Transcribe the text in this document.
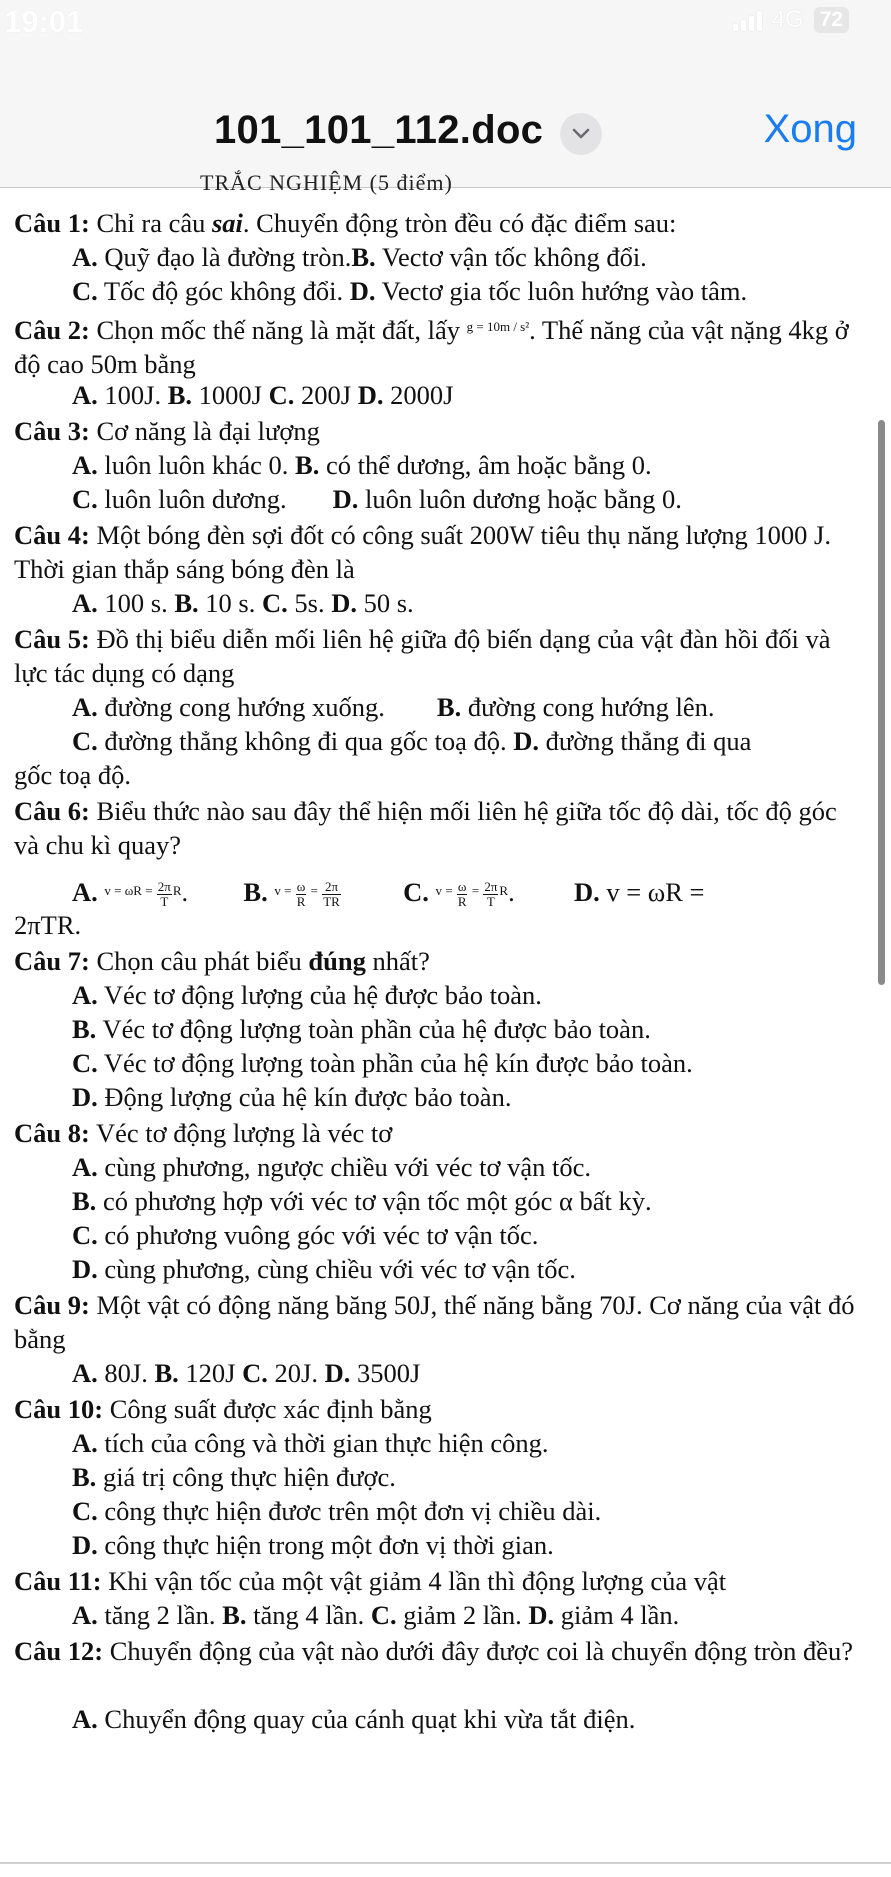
19:01	4G 72
101_101_112.doc	Xong
TRẮC NGHIỆM (5 điểm)
Câu 1: Chỉ ra câu sai. Chuyển động tròn đều có đặc điểm sau:
A. Quỹ đạo là đường tròn.B. Vectơ vận tốc không đổi.
C. Tốc độ góc không đổi. D. Vectơ gia tốc luôn hướng vào tâm.
Câu 2: Chọn mốc thế năng là mặt đất, lấy $^{g = 10m / s^2}$. Thế năng của vật nặng 4kg ở độ cao 50m bằng
A. 100J. B. 1000J C. 200J D. 2000J
Câu 3: Cơ năng là đại lượng
A. luôn luôn khác 0. B. có thể dương, âm hoặc bằng 0.
C. luôn luôn dương. D. luôn luôn dương hoặc bằng 0.
Câu 4: Một bóng đèn sợi đốt có công suất 200W tiêu thụ năng lượng 1000 J. Thời gian thắp sáng bóng đèn là
A. 100 s. B. 10 s. C. 5s. D. 50 s.
Câu 5: Đồ thị biểu diễn mối liên hệ giữa độ biến dạng của vật đàn hồi đối và lực tác dụng có dạng
A. đường cong hướng xuống. B. đường cong hướng lên.
C. đường thẳng không đi qua gốc toạ độ. D. đường thẳng đi qua
gốc toạ độ.
Câu 6: Biểu thức nào sau đây thể hiện mối liên hệ giữa tốc độ dài, tốc độ góc và chu kì quay?
A. $^{v = \omega R =} \frac{2\pi}{T} ^R$.  B. $^{v =} \frac{\omega}{R} ^= \frac{2\pi}{TR} C$. $^{v =} \frac{\omega}{R} ^= \frac{2\pi}{T} ^R$.  D. v = ωR =
2πTR.
Câu 7: Chọn câu phát biểu đúng nhất?
A. Véc tơ động lượng của hệ được bảo toàn.
B. Véc tơ động lượng toàn phần của hệ được bảo toàn.
C. Véc tơ động lượng toàn phần của hệ kín được bảo toàn.
D. Động lượng của hệ kín được bảo toàn.
Câu 8: Véc tơ động lượng là véc tơ
A. cùng phương, ngược chiều với véc tơ vận tốc.
B. có phương hợp với véc tơ vận tốc một góc α bất kỳ.
C. có phương vuông góc với véc tơ vận tốc.
D. cùng phương, cùng chiều với véc tơ vận tốc.
Câu 9: Một vật có động năng băng 50J, thế năng bằng 70J. Cơ năng của vật đó bằng
A. 80J. B. 120J C. 20J. D. 3500J
Câu 10: Công suất được xác định bằng
A. tích của công và thời gian thực hiện công.
B. giá trị công thực hiện được.
C. công thực hiện đươc trên một đơn vị chiều dài.
D. công thực hiện trong một đơn vị thời gian.
Câu 11: Khi vận tốc của một vật giảm 4 lần thì động lượng của vật
A. tăng 2 lần. B. tăng 4 lần. C. giảm 2 lần. D. giảm 4 lần.
Câu 12: Chuyển động của vật nào dưới đây được coi là chuyển động tròn đều?
A. Chuyển động quay của cánh quạt khi vừa tắt điện.
